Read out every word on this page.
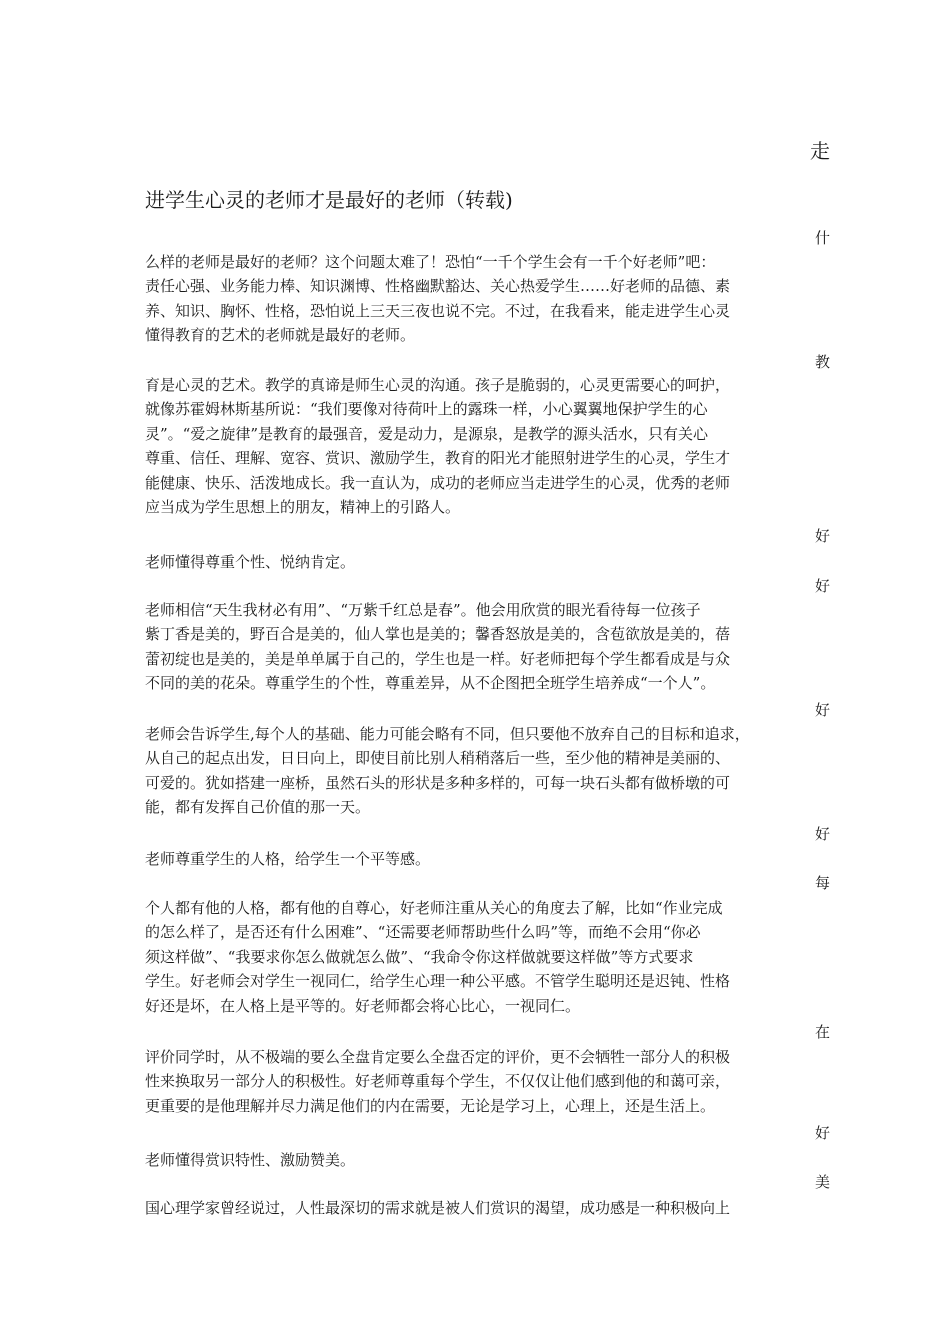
走
进学生心灵的老师才是最好的老师（转载)
什
么样的老师是最好的老师？这个问题太难了！恐怕“一千个学生会有一千个好老师”吧：
责任心强、业务能力棒、知识渊博、性格幽默豁达、关心热爱学生……好老师的品德、素
养、知识、胸怀、性格，恐怕说上三天三夜也说不完。不过，在我看来，能走进学生心灵
懂得教育的艺术的老师就是最好的老师。
教
育是心灵的艺术。教学的真谛是师生心灵的沟通。孩子是脆弱的，心灵更需要心的呵护，
就像苏霍姆林斯基所说：“我们要像对待荷叶上的露珠一样，小心翼翼地保护学生的心
灵”。“爱之旋律”是教育的最强音，爱是动力，是源泉，是教学的源头活水，只有关心
尊重、信任、理解、宽容、赏识、激励学生，教育的阳光才能照射进学生的心灵，学生才
能健康、快乐、活泼地成长。我一直认为，成功的老师应当走进学生的心灵，优秀的老师
应当成为学生思想上的朋友，精神上的引路人。
好
老师懂得尊重个性、悦纳肯定。
好
老师相信“天生我材必有用”、“万紫千红总是春”。他会用欣赏的眼光看待每一位孩子
紫丁香是美的，野百合是美的，仙人掌也是美的；馨香怒放是美的，含苞欲放是美的，蓓
蕾初绽也是美的，美是单单属于自己的，学生也是一样。好老师把每个学生都看成是与众
不同的美的花朵。尊重学生的个性，尊重差异，从不企图把全班学生培养成“一个人”。
好
老师会告诉学生,每个人的基础、能力可能会略有不同，但只要他不放弃自己的目标和追求，
从自己的起点出发，日日向上，即使目前比别人稍稍落后一些，至少他的精神是美丽的、
可爱的。犹如搭建一座桥，虽然石头的形状是多种多样的，可每一块石头都有做桥墩的可
能，都有发挥自己价值的那一天。
好
老师尊重学生的人格，给学生一个平等感。
每
个人都有他的人格，都有他的自尊心，好老师注重从关心的角度去了解，比如“作业完成
的怎么样了，是否还有什么困难”、“还需要老师帮助些什么吗”等，而绝不会用“你必
须这样做”、“我要求你怎么做就怎么做”、“我命令你这样做就要这样做”等方式要求
学生。好老师会对学生一视同仁，给学生心理一种公平感。不管学生聪明还是迟钝、性格
好还是坏，在人格上是平等的。好老师都会将心比心，一视同仁。
在
评价同学时，从不极端的要么全盘肯定要么全盘否定的评价，更不会牺牲一部分人的积极
性来换取另一部分人的积极性。好老师尊重每个学生，不仅仅让他们感到他的和蔼可亲，
更重要的是他理解并尽力满足他们的内在需要，无论是学习上，心理上，还是生活上。
好
老师懂得赏识特性、激励赞美。
美
国心理学家曾经说过，人性最深切的需求就是被人们赏识的渴望，成功感是一种积极向上
